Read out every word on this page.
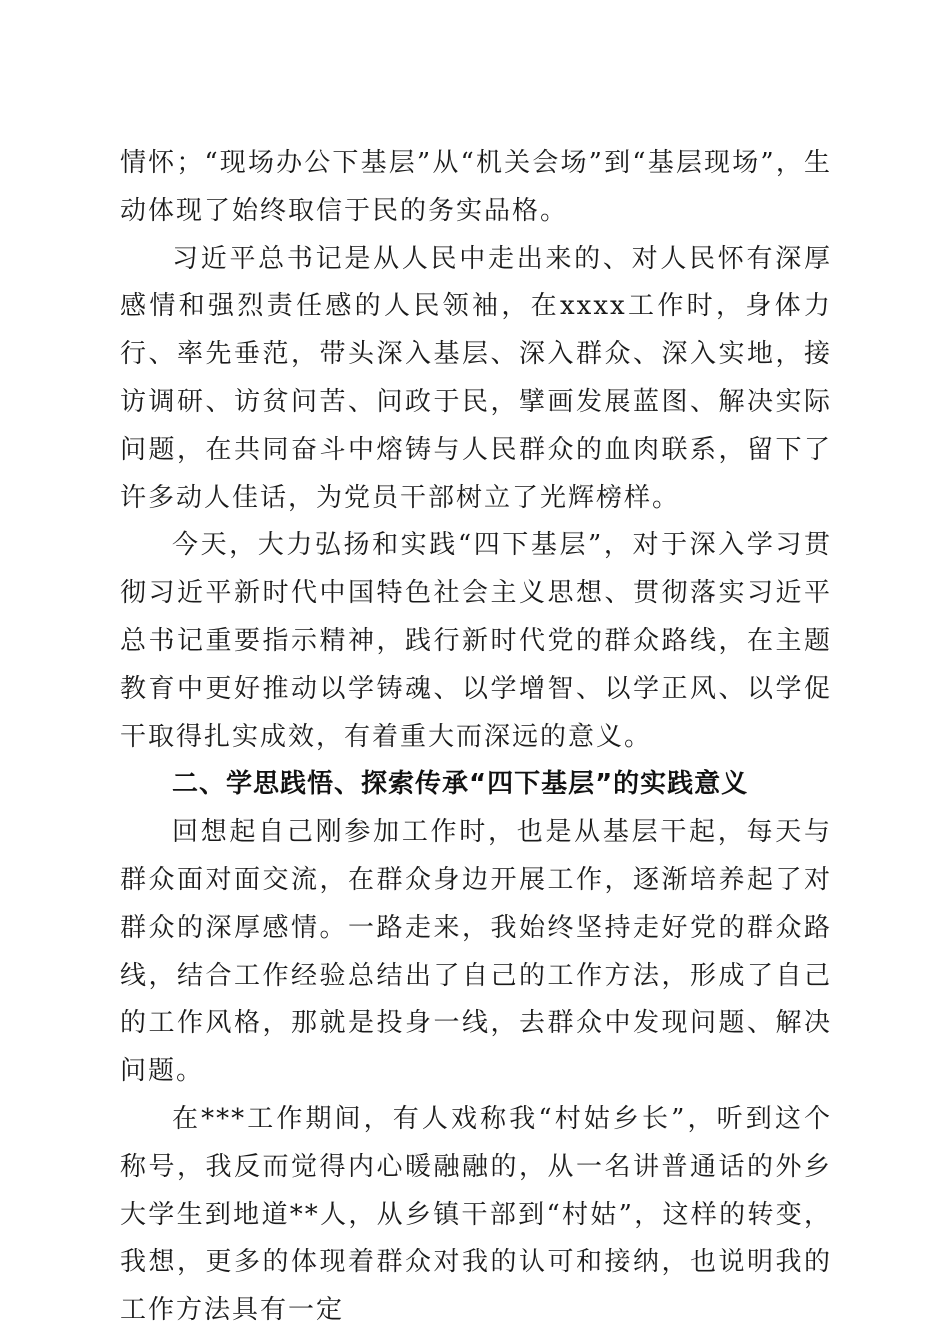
情怀；“现场办公下基层”从“机关会场”到“基层现场”，生动体现了始终取信于民的务实品格。

习近平总书记是从人民中走出来的、对人民怀有深厚感情和强烈责任感的人民领袖，在xxxx工作时，身体力行、率先垂范，带头深入基层、深入群众、深入实地，接访调研、访贫问苦、问政于民，擘画发展蓝图、解决实际问题，在共同奋斗中熔铸与人民群众的血肉联系，留下了许多动人佳话，为党员干部树立了光辉榜样。

今天，大力弘扬和实践“四下基层”，对于深入学习贯彻习近平新时代中国特色社会主义思想、贯彻落实习近平总书记重要指示精神，践行新时代党的群众路线，在主题教育中更好推动以学铸魂、以学增智、以学正风、以学促干取得扎实成效，有着重大而深远的意义。

二、学思践悟、探索传承“四下基层”的实践意义

回想起自己刚参加工作时，也是从基层干起，每天与群众面对面交流，在群众身边开展工作，逐渐培养起了对群众的深厚感情。一路走来，我始终坚持走好党的群众路线，结合工作经验总结出了自己的工作方法，形成了自己的工作风格，那就是投身一线，去群众中发现问题、解决问题。

在***工作期间，有人戏称我“村姑乡长”，听到这个称号，我反而觉得内心暖融融的，从一名讲普通话的外乡大学生到地道**人，从乡镇干部到“村姑”，这样的转变，我想，更多的体现着群众对我的认可和接纳，也说明我的工作方法具有一定
